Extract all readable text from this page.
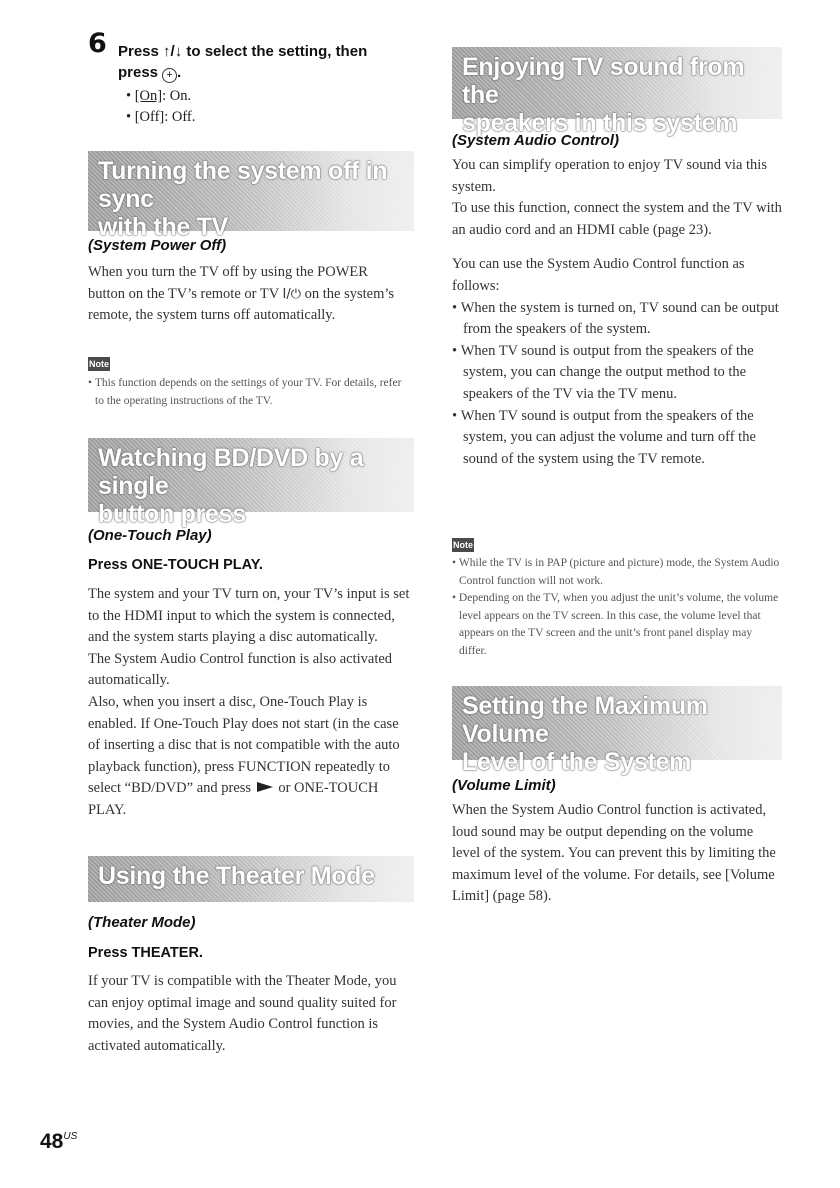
6 Press ↑/↓ to select the setting, then
press + .
• [On]: On.
• [Off]: Off.
Turning the system off in sync
with the TV
(System Power Off)

When you turn the TV off by using the POWER button on the TV’s remote or TV I/⏻ on the system’s remote, the system turns off automatically.

Note
• This function depends on the settings of your TV. For details, refer to the operating instructions of the TV.
Watching BD/DVD by a single
button press
(One-Touch Play)
Press ONE-TOUCH PLAY.

The system and your TV turn on, your TV’s input is set to the HDMI input to which the system is connected, and the system starts playing a disc automatically.

The System Audio Control function is also activated automatically.

Also, when you insert a disc, One-Touch Play is enabled. If One-Touch Play does not start (in the case of inserting a disc that is not compatible with the auto playback function), press FUNCTION repeatedly to select “BD/DVD” and press  or ONE-TOUCH PLAY.

Using the Theater Mode
(Theater Mode)
Press THEATER.

If your TV is compatible with the Theater Mode, you can enjoy optimal image and sound quality suited for movies, and the System Audio Control function is activated automatically.

Enjoying TV sound from the
speakers in this system
(System Audio Control)

You can simplify operation to enjoy TV sound via this system.

To use this function, connect the system and the TV with an audio cord and an HDMI cable (page 23).

You can use the System Audio Control function as follows:

• When the system is turned on, TV sound can be output from the speakers of the system.
• When TV sound is output from the speakers of the system, you can change the output method to the speakers of the TV via the TV menu.
• When TV sound is output from the speakers of the system, you can adjust the volume and turn off the sound of the system using the TV remote.
Note
• While the TV is in PAP (picture and picture) mode, the System Audio Control function will not work.
• Depending on the TV, when you adjust the unit’s volume, the volume level appears on the TV screen. In this case, the volume level that appears on the TV screen and the unit’s front panel display may differ.
Setting the Maximum Volume
Level of the System
(Volume Limit)

When the System Audio Control function is activated, loud sound may be output depending on the volume level of the system. You can prevent this by limiting the maximum level of the volume. For details, see [Volume Limit] (page 58).

$48^{US}$
